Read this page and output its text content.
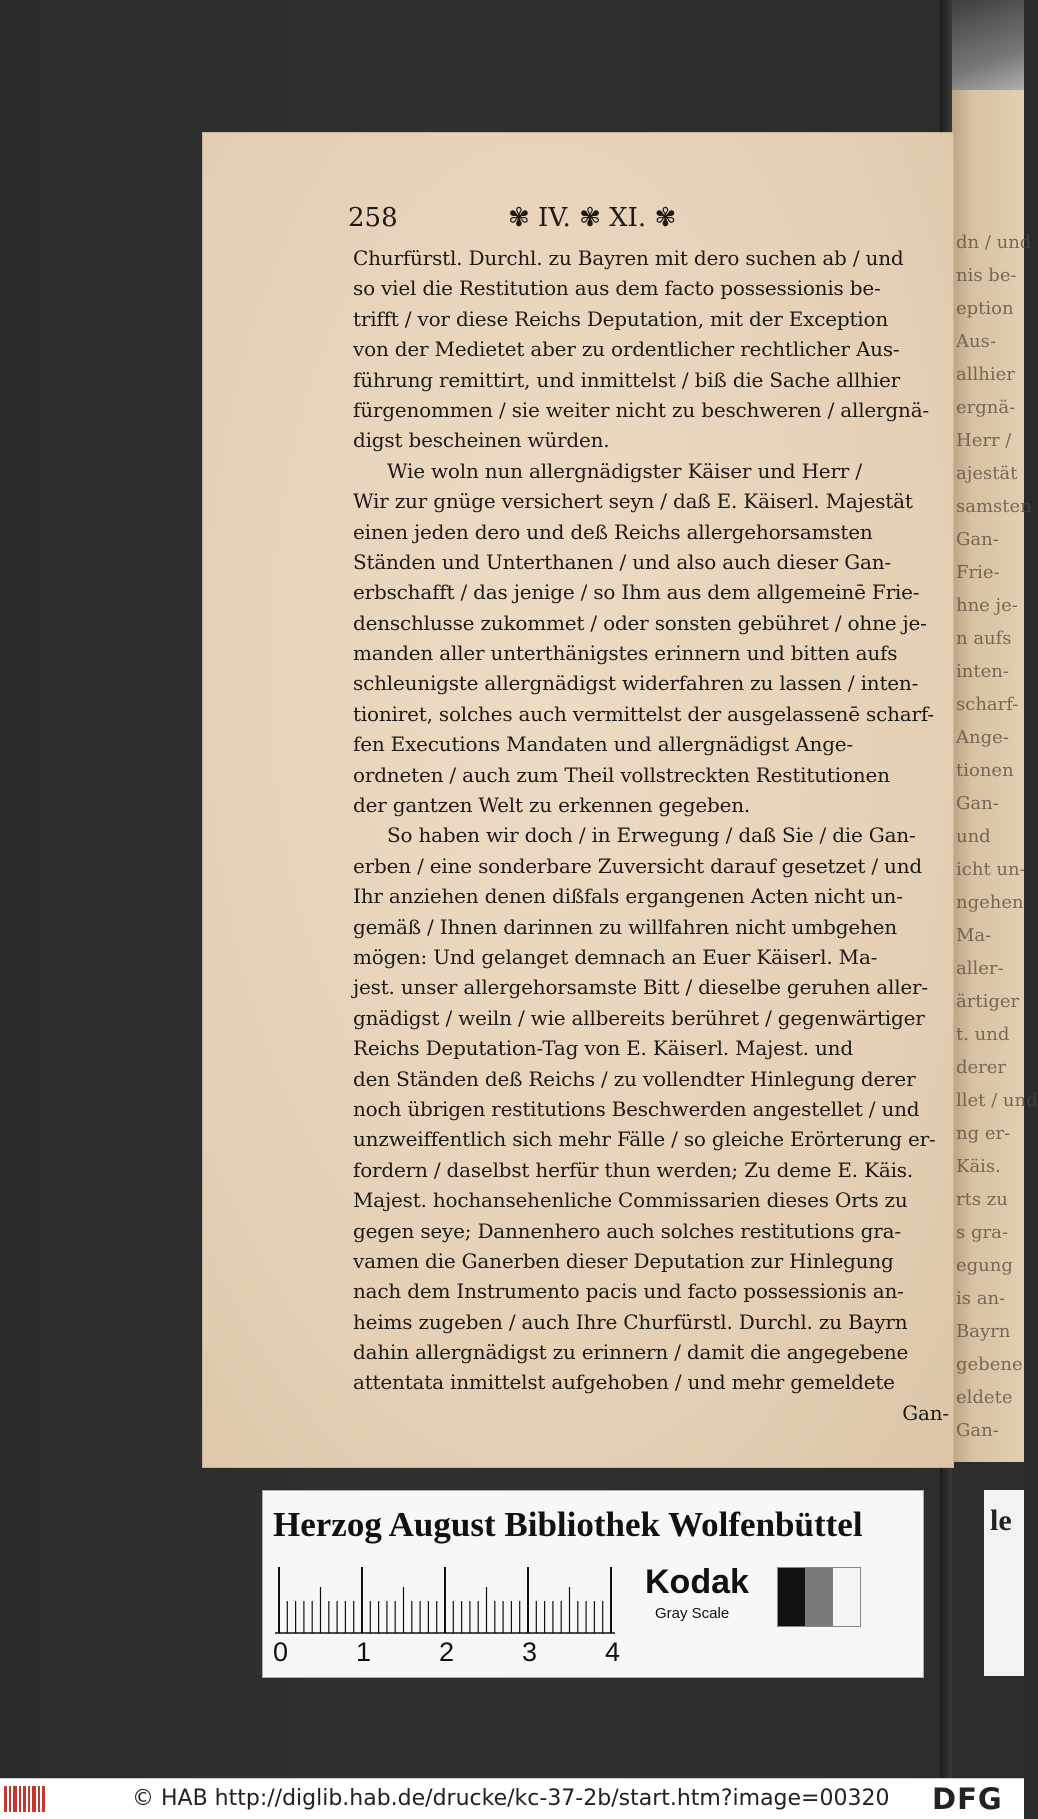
dn / und
nis be-
eption
Aus-
allhier
ergnä-
Herr /
ajestät
samsten
Gan-
Frie-
hne je-
n aufs
inten-
scharf-
Ange-
tionen
Gan-
und
icht un-
ngehen
Ma-
aller-
ärtiger
t. und
derer
llet / und
ng er-
Käis.
rts zu
s gra-
egung
is an-
Bayrn
gebene
eldete
Gan-
258	✾ IV. ✾ XI. ✾
Churfürstl. Durchl. zu Bayren mit dero suchen ab / und
so viel die Restitution aus dem facto possessionis be-
trifft / vor diese Reichs Deputation, mit der Exception
von der Medietet aber zu ordentlicher rechtlicher Aus-
führung remittirt, und inmittelst / biß die Sache allhier
fürgenommen / sie weiter nicht zu beschweren / allergnä-
digst bescheinen würden.
Wie woln nun allergnädigster Käiser und Herr /
Wir zur gnüge versichert seyn / daß E. Käiserl. Majestät
einen jeden dero und deß Reichs allergehorsamsten
Ständen und Unterthanen / und also auch dieser Gan-
erbschafft / das jenige / so Ihm aus dem allgemeinē Frie-
denschlusse zukommet / oder sonsten gebühret / ohne je-
manden aller unterthänigstes erinnern und bitten aufs
schleunigste allergnädigst widerfahren zu lassen / inten-
tioniret, solches auch vermittelst der ausgelassenē scharf-
fen Executions Mandaten und allergnädigst Ange-
ordneten / auch zum Theil vollstreckten Restitutionen
der gantzen Welt zu erkennen gegeben.
So haben wir doch / in Erwegung / daß Sie / die Gan-
erben / eine sonderbare Zuversicht darauf gesetzet / und
Ihr anziehen denen dißfals ergangenen Acten nicht un-
gemäß / Ihnen darinnen zu willfahren nicht umbgehen
mögen: Und gelanget demnach an Euer Käiserl. Ma-
jest. unser allergehorsamste Bitt / dieselbe geruhen aller-
gnädigst / weiln / wie allbereits berühret / gegenwärtiger
Reichs Deputation-Tag von E. Käiserl. Majest. und
den Ständen deß Reichs / zu vollendter Hinlegung derer
noch übrigen restitutions Beschwerden angestellet / und
unzweiffentlich sich mehr Fälle / so gleiche Erörterung er-
fordern / daselbst herfür thun werden; Zu deme E. Käis.
Majest. hochansehenliche Commissarien dieses Orts zu
gegen seye; Dannenhero auch solches restitutions gra-
vamen die Ganerben dieser Deputation zur Hinlegung
nach dem Instrumento pacis und facto possessionis an-
heims zugeben / auch Ihre Churfürstl. Durchl. zu Bayrn
dahin allergnädigst zu erinnern / damit die angegebene
attentata inmittelst aufgehoben / und mehr gemeldete
Gan-
Herzog August Bibliothek Wolfenbüttel
0	1	2	3	4
Kodak
Gray Scale
le
© HAB http://diglib.hab.de/drucke/kc-37-2b/start.htm?image=00320 DFG
